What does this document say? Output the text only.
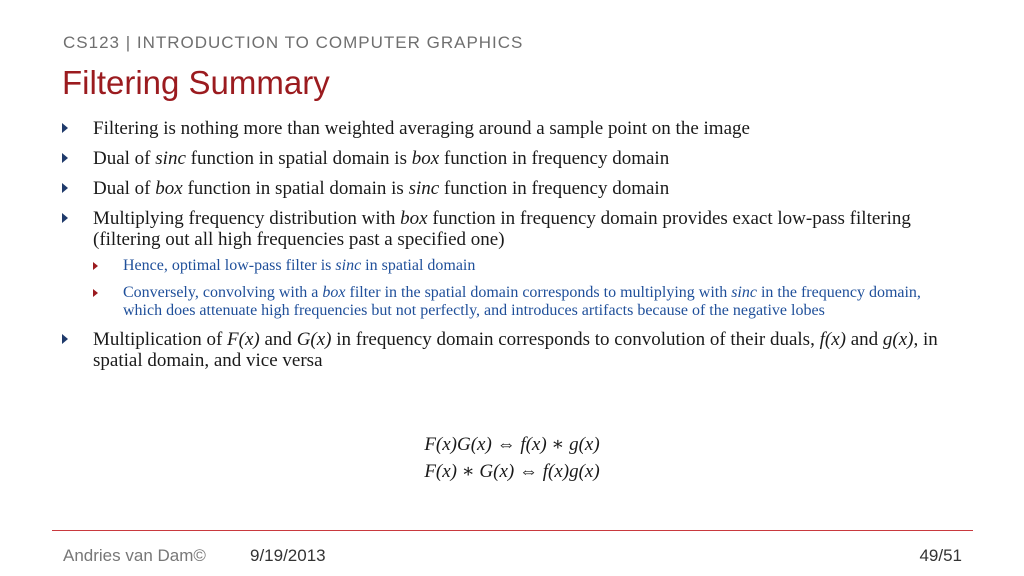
CS123 | INTRODUCTION TO COMPUTER GRAPHICS
Filtering Summary
Filtering is nothing more than weighted averaging around a sample point on the image
Dual of sinc function in spatial domain is box function in frequency domain
Dual of box function in spatial domain is sinc function in frequency domain
Multiplying frequency distribution with box function in frequency domain provides exact low-pass filtering (filtering out all high frequencies past a specified one)
Hence, optimal low-pass filter is sinc in spatial domain
Conversely, convolving with a box filter in the spatial domain corresponds to multiplying with sinc in the frequency domain, which does attenuate high frequencies but not perfectly, and introduces artifacts because of the negative lobes
Multiplication of F(x) and G(x) in frequency domain corresponds to convolution of their duals, f(x) and g(x), in spatial domain, and vice versa
F(x)G(x) ⇔ f(x) ∗ g(x)
F(x) ∗ G(x) ⇔ f(x)g(x)
Andries van Dam©	9/19/2013	49/51
